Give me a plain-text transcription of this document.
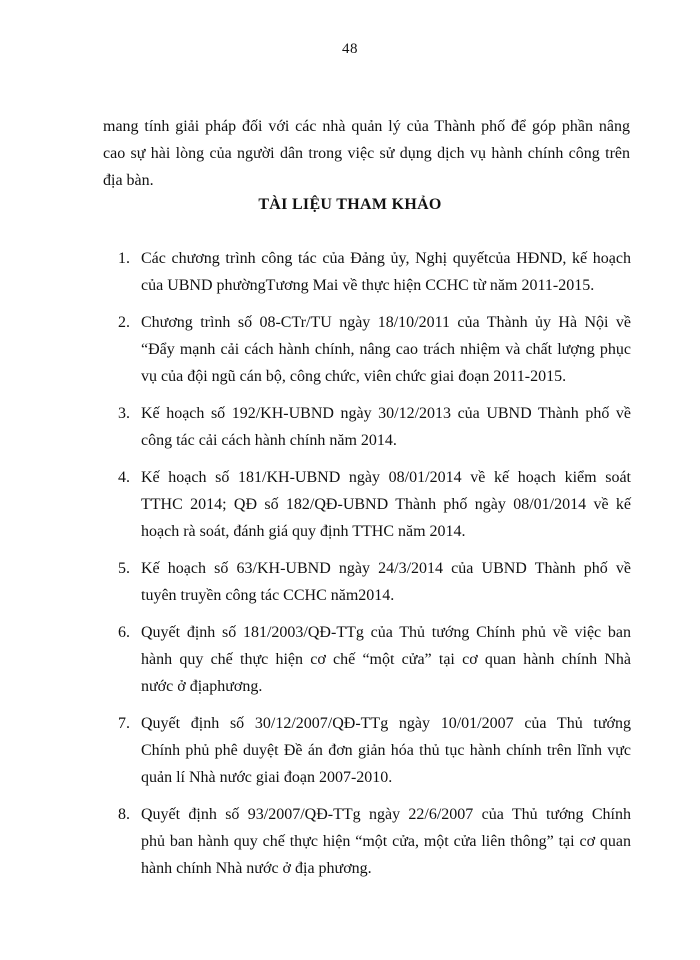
48
mang tính giải pháp đối với các nhà quản lý của Thành phố để góp phần nâng
cao sự hài lòng của người dân trong việc sử dụng dịch vụ hành chính công trên
địa bàn.
TÀI LIỆU THAM KHẢO
1. Các chương trình công tác của Đảng ủy, Nghị quyếtcủa HĐND, kế hoạch
của UBND phườngTương Mai về thực hiện CCHC từ năm 2011-2015.
2. Chương trình số 08-CTr/TU ngày 18/10/2011 của Thành ủy Hà Nội về
“Đẩy mạnh cải cách hành chính, nâng cao trách nhiệm và chất lượng phục
vụ của đội ngũ cán bộ, công chức, viên chức giai đoạn 2011-2015.
3. Kế hoạch số 192/KH-UBND ngày 30/12/2013 của UBND Thành phố về
công tác cải cách hành chính năm 2014.
4. Kế hoạch số 181/KH-UBND ngày 08/01/2014 về kế hoạch kiểm soát
TTHC 2014; QĐ số 182/QĐ-UBND Thành phố ngày 08/01/2014 về kế
hoạch rà soát, đánh giá quy định TTHC năm 2014.
5. Kế hoạch số 63/KH-UBND ngày 24/3/2014 của UBND Thành phố về
tuyên truyền công tác CCHC năm2014.
6. Quyết định số 181/2003/QĐ-TTg của Thủ tướng Chính phủ về việc ban
hành quy chế thực hiện cơ chế “một cửa” tại cơ quan hành chính Nhà
nước ở địaphương.
7. Quyết định số 30/12/2007/QĐ-TTg ngày 10/01/2007 của Thủ tướng
Chính phủ phê duyệt Đề án đơn giản hóa thủ tục hành chính trên lĩnh vực
quản lí Nhà nước giai đoạn 2007-2010.
8. Quyết định số 93/2007/QĐ-TTg ngày 22/6/2007 của Thủ tướng Chính
phủ ban hành quy chế thực hiện “một cửa, một cửa liên thông” tại cơ quan
hành chính Nhà nước ở địa phương.
